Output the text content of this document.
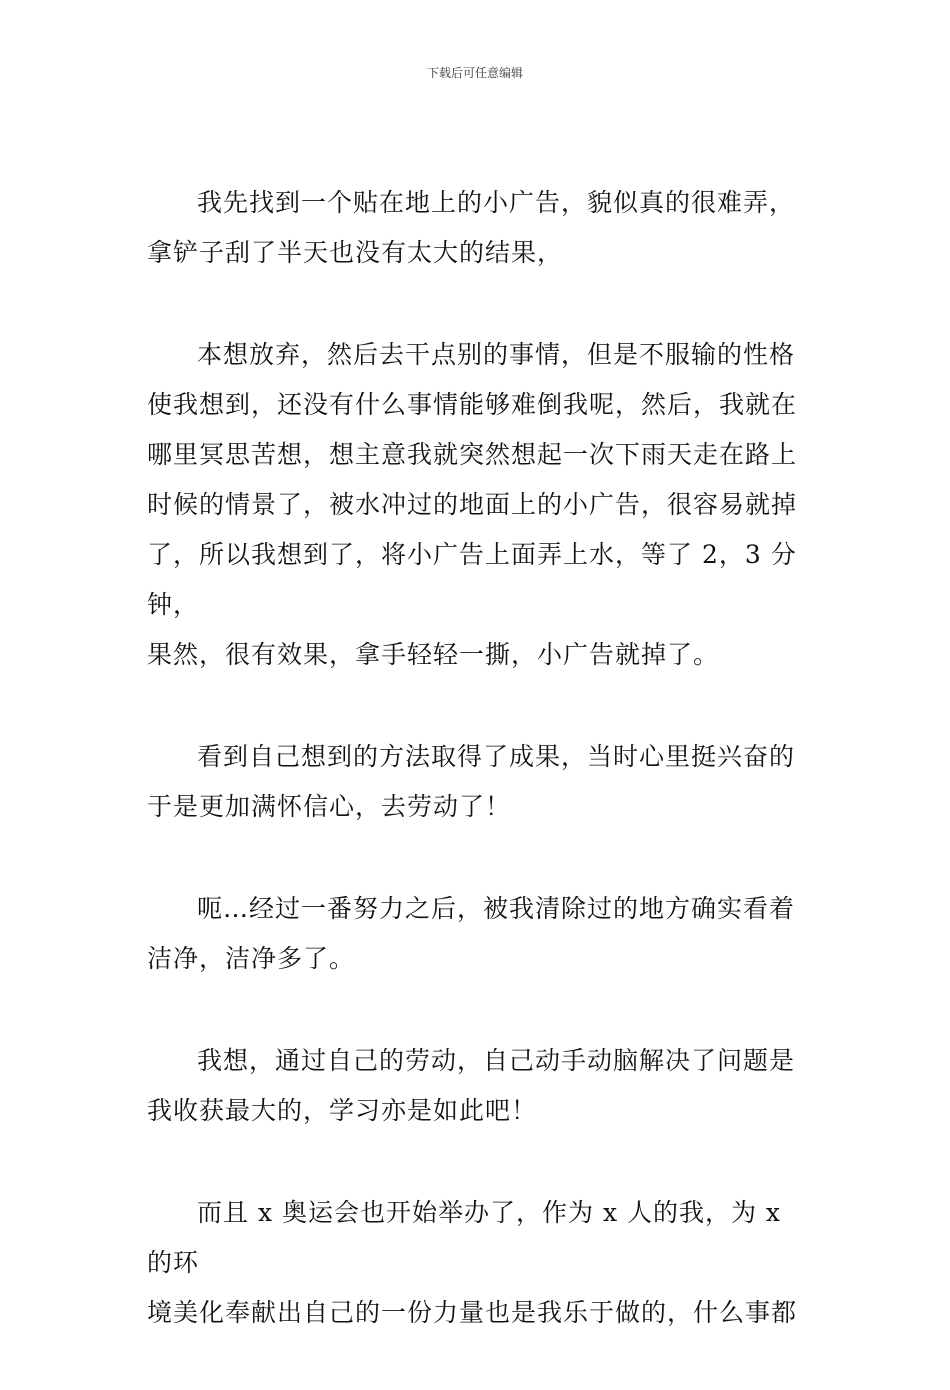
下载后可任意编辑

我先找到一个贴在地上的小广告，貌似真的很难弄，
拿铲子刮了半天也没有太大的结果，

本想放弃，然后去干点别的事情，但是不服输的性格
使我想到，还没有什么事情能够难倒我呢，然后，我就在
哪里冥思苦想，想主意我就突然想起一次下雨天走在路上
时候的情景了，被水冲过的地面上的小广告，很容易就掉
了，所以我想到了，将小广告上面弄上水，等了 2，3 分钟，
果然，很有效果，拿手轻轻一撕，小广告就掉了。

看到自己想到的方法取得了成果，当时心里挺兴奋的
于是更加满怀信心，去劳动了！

呃…经过一番努力之后，被我清除过的地方确实看着
洁净，洁净多了。

我想，通过自己的劳动，自己动手动脑解决了问题是
我收获最大的，学习亦是如此吧！

而且 x 奥运会也开始举办了，作为 x 人的我，为 x 的环
境美化奉献出自己的一份力量也是我乐于做的，什么事都
